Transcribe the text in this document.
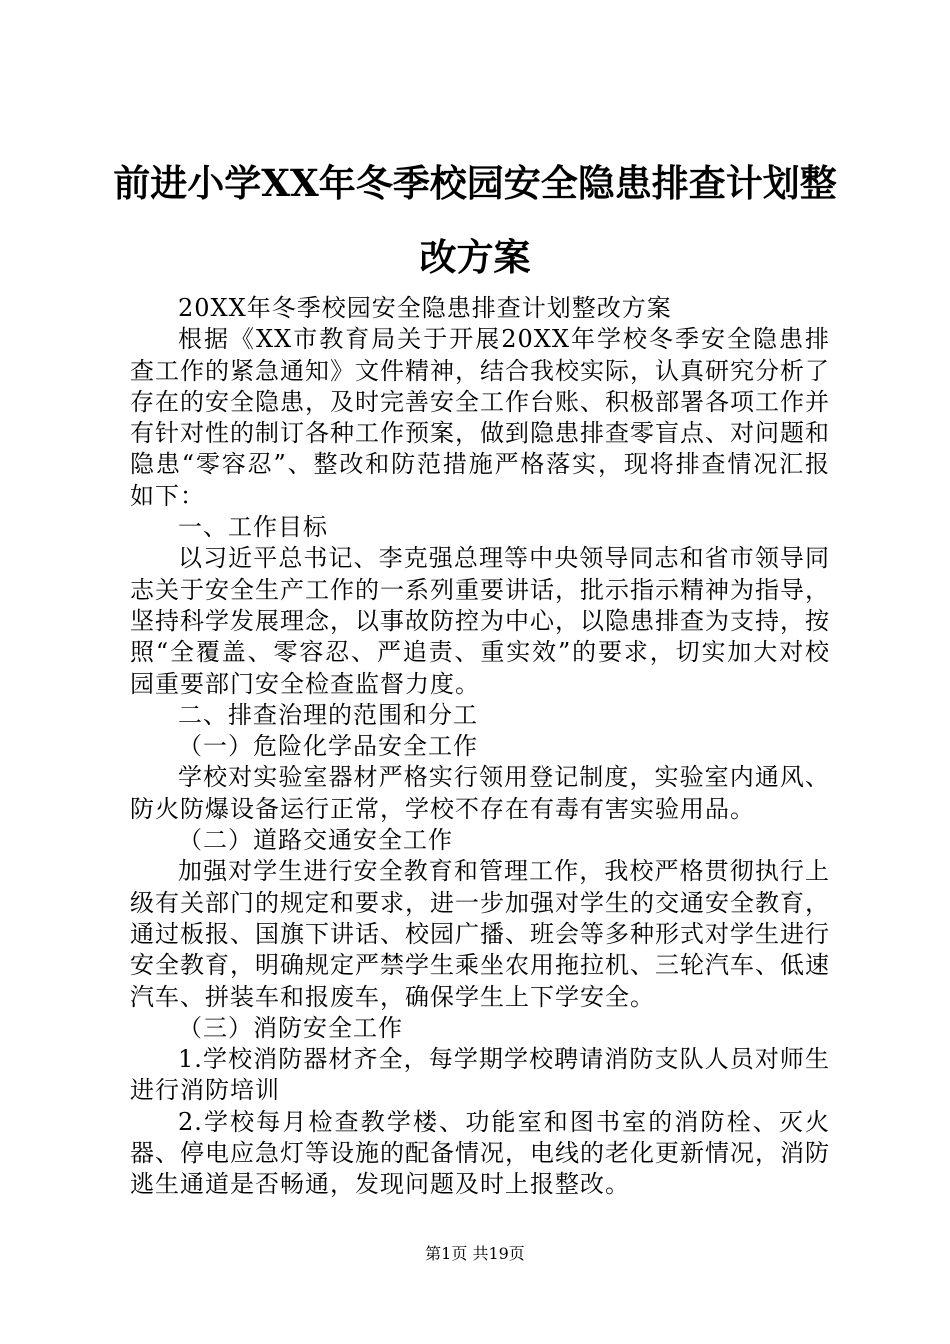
前进小学XX年冬季校园安全隐患排查计划整改方案

20XX年冬季校园安全隐患排查计划整改方案

根据《XX市教育局关于开展20XX年学校冬季安全隐患排查工作的紧急通知》文件精神，结合我校实际，认真研究分析了存在的安全隐患，及时完善安全工作台账、积极部署各项工作并有针对性的制订各种工作预案，做到隐患排查零盲点、对问题和隐患“零容忍”、整改和防范措施严格落实，现将排查情况汇报如下：

一、工作目标

以习近平总书记、李克强总理等中央领导同志和省市领导同志关于安全生产工作的一系列重要讲话，批示指示精神为指导，坚持科学发展理念，以事故防控为中心，以隐患排查为支持，按照“全覆盖、零容忍、严追责、重实效”的要求，切实加大对校园重要部门安全检查监督力度。

二、排查治理的范围和分工

（一）危险化学品安全工作

学校对实验室器材严格实行领用登记制度，实验室内通风、防火防爆设备运行正常，学校不存在有毒有害实验用品。

（二）道路交通安全工作

加强对学生进行安全教育和管理工作，我校严格贯彻执行上级有关部门的规定和要求，进一步加强对学生的交通安全教育，通过板报、国旗下讲话、校园广播、班会等多种形式对学生进行安全教育，明确规定严禁学生乘坐农用拖拉机、三轮汽车、低速汽车、拼装车和报废车，确保学生上下学安全。

（三）消防安全工作

1.学校消防器材齐全，每学期学校聘请消防支队人员对师生进行消防培训

2.学校每月检查教学楼、功能室和图书室的消防栓、灭火器、停电应急灯等设施的配备情况，电线的老化更新情况，消防逃生通道是否畅通，发现问题及时上报整改。

第1页 共19页
